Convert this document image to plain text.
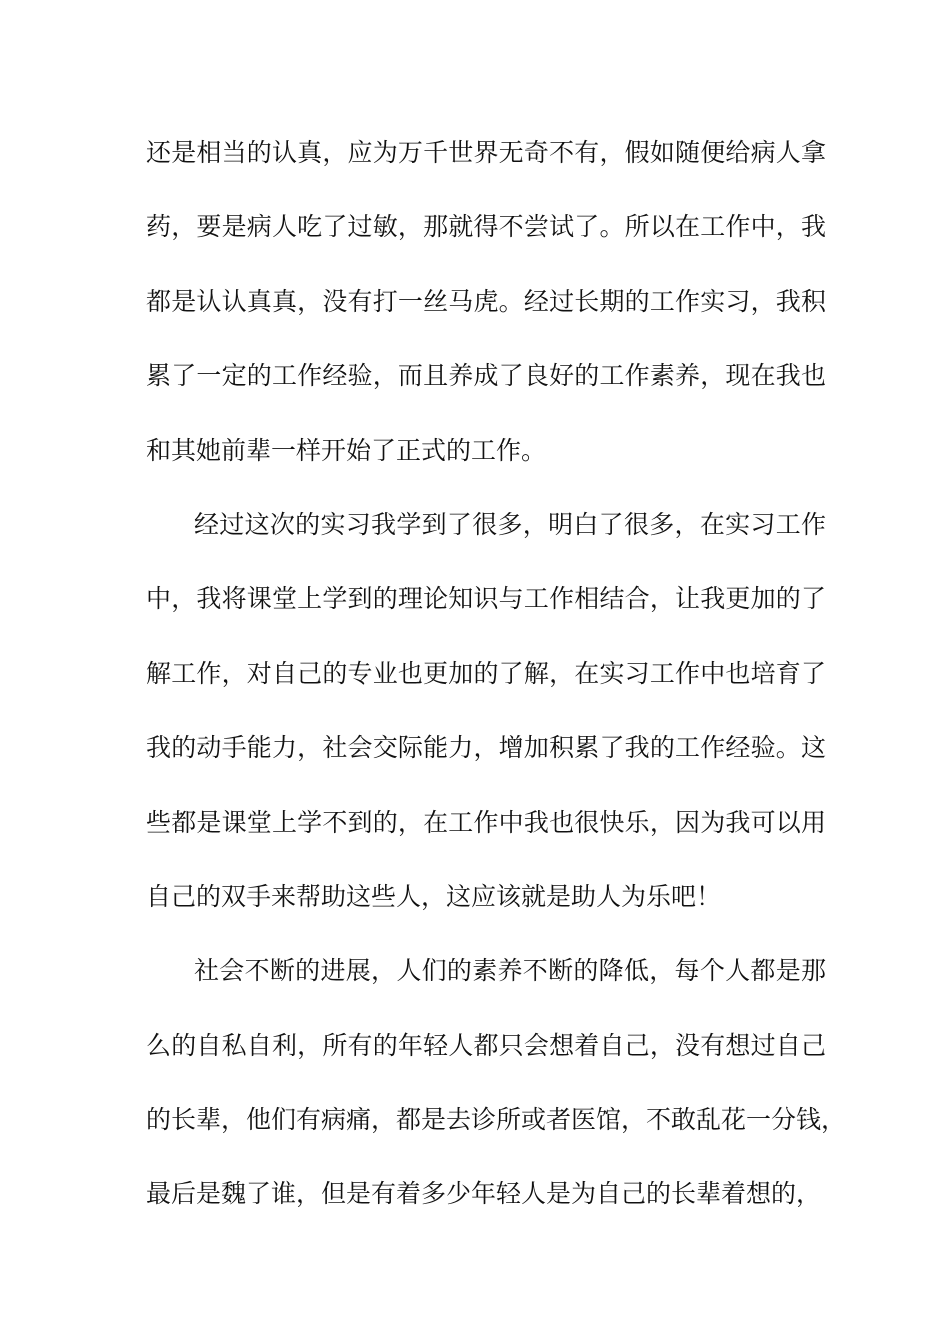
还是相当的认真，应为万千世界无奇不有，假如随便给病人拿
药，要是病人吃了过敏，那就得不尝试了。所以在工作中，我
都是认认真真，没有打一丝马虎。经过长期的工作实习，我积
累了一定的工作经验，而且养成了良好的工作素养，现在我也
和其她前辈一样开始了正式的工作。
经过这次的实习我学到了很多，明白了很多，在实习工作
中，我将课堂上学到的理论知识与工作相结合，让我更加的了
解工作，对自己的专业也更加的了解，在实习工作中也培育了
我的动手能力，社会交际能力，增加积累了我的工作经验。这
些都是课堂上学不到的，在工作中我也很快乐，因为我可以用
自己的双手来帮助这些人，这应该就是助人为乐吧！
社会不断的进展，人们的素养不断的降低，每个人都是那
么的自私自利，所有的年轻人都只会想着自己，没有想过自己
的长辈，他们有病痛，都是去诊所或者医馆，不敢乱花一分钱，
最后是魏了谁，但是有着多少年轻人是为自己的长辈着想的，
